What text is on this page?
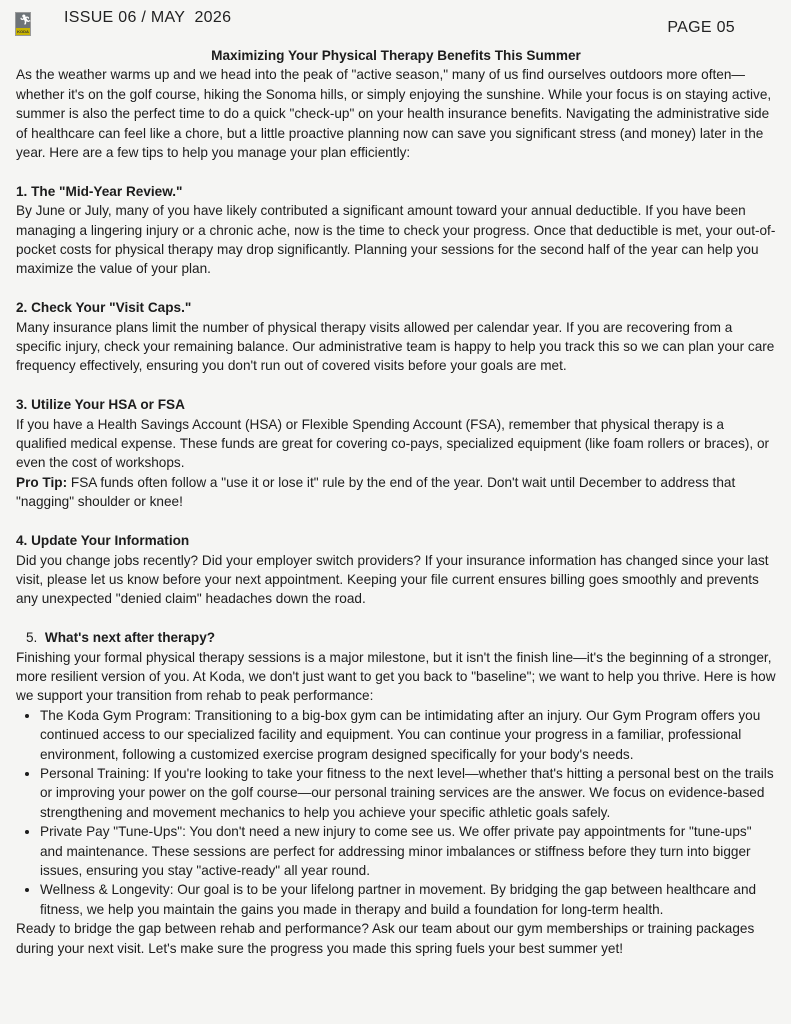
🏃︎
KODA
ISSUE 06 / MAY  2026
PAGE 05

Maximizing Your Physical Therapy Benefits This Summer

As the weather warms up and we head into the peak of "active season," many of us find ourselves outdoors more often—whether it's on the golf course, hiking the Sonoma hills, or simply enjoying the sunshine. While your focus is on staying active, summer is also the perfect time to do a quick "check-up" on your health insurance benefits. Navigating the administrative side of healthcare can feel like a chore, but a little proactive planning now can save you significant stress (and money) later in the year. Here are a few tips to help you manage your plan efficiently:

1. The "Mid-Year Review."

By June or July, many of you have likely contributed a significant amount toward your annual deductible. If you have been managing a lingering injury or a chronic ache, now is the time to check your progress. Once that deductible is met, your out-of-pocket costs for physical therapy may drop significantly. Planning your sessions for the second half of the year can help you maximize the value of your plan.

2. Check Your "Visit Caps."

Many insurance plans limit the number of physical therapy visits allowed per calendar year. If you are recovering from a specific injury, check your remaining balance. Our administrative team is happy to help you track this so we can plan your care frequency effectively, ensuring you don't run out of covered visits before your goals are met.

3. Utilize Your HSA or FSA

If you have a Health Savings Account (HSA) or Flexible Spending Account (FSA), remember that physical therapy is a qualified medical expense. These funds are great for covering co-pays, specialized equipment (like foam rollers or braces), or even the cost of workshops.

Pro Tip: FSA funds often follow a "use it or lose it" rule by the end of the year. Don't wait until December to address that "nagging" shoulder or knee!

4. Update Your Information

Did you change jobs recently? Did your employer switch providers? If your insurance information has changed since your last visit, please let us know before your next appointment. Keeping your file current ensures billing goes smoothly and prevents any unexpected "denied claim" headaches down the road.

5. What's next after therapy?

Finishing your formal physical therapy sessions is a major milestone, but it isn't the finish line—it's the beginning of a stronger, more resilient version of you. At Koda, we don't just want to get you back to "baseline"; we want to help you thrive. Here is how we support your transition from rehab to peak performance:

• The Koda Gym Program: Transitioning to a big-box gym can be intimidating after an injury. Our Gym Program offers you continued access to our specialized facility and equipment. You can continue your progress in a familiar, professional environment, following a customized exercise program designed specifically for your body's needs.
• Personal Training: If you're looking to take your fitness to the next level—whether that's hitting a personal best on the trails or improving your power on the golf course—our personal training services are the answer. We focus on evidence-based strengthening and movement mechanics to help you achieve your specific athletic goals safely.
• Private Pay "Tune-Ups": You don't need a new injury to come see us. We offer private pay appointments for "tune-ups" and maintenance. These sessions are perfect for addressing minor imbalances or stiffness before they turn into bigger issues, ensuring you stay "active-ready" all year round.
• Wellness & Longevity: Our goal is to be your lifelong partner in movement. By bridging the gap between healthcare and fitness, we help you maintain the gains you made in therapy and build a foundation for long-term health.

Ready to bridge the gap between rehab and performance? Ask our team about our gym memberships or training packages during your next visit. Let's make sure the progress you made this spring fuels your best summer yet!
